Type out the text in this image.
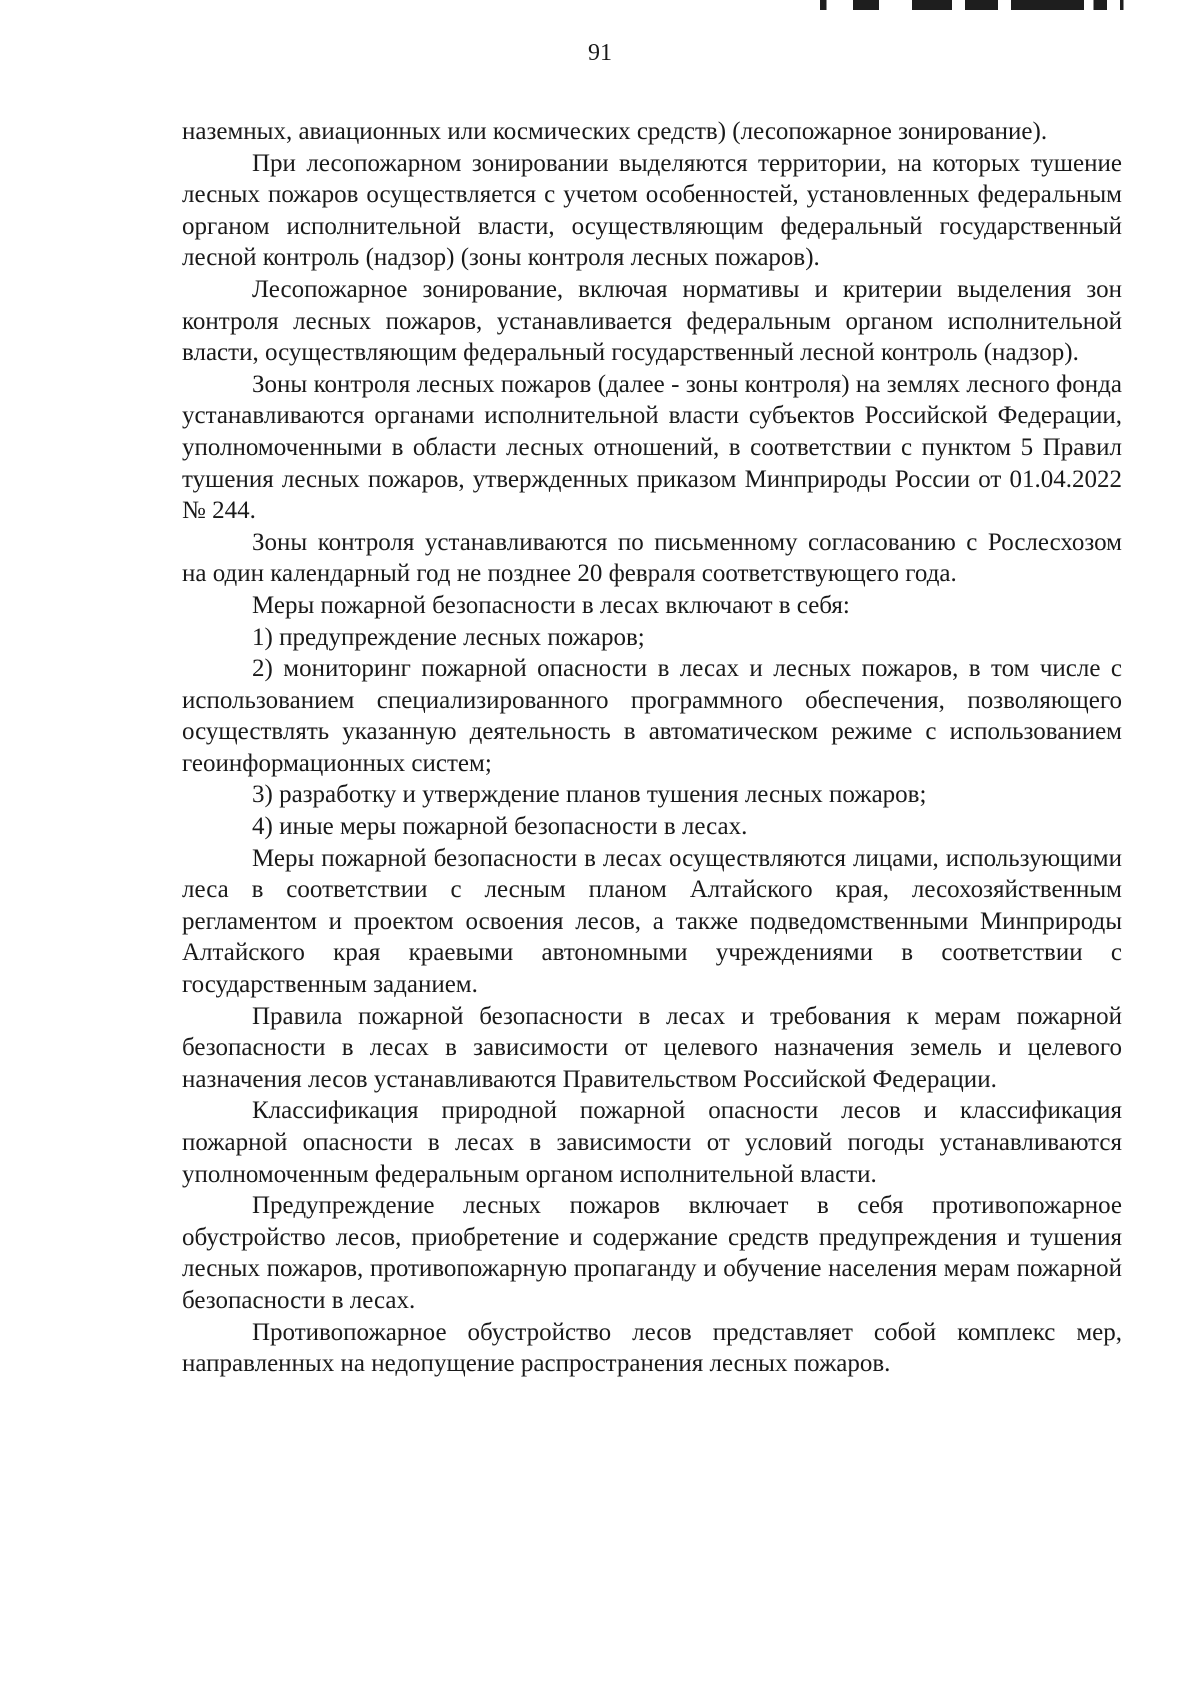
91

наземных, авиационных или космических средств) (лесопожарное зонирование).

При лесопожарном зонировании выделяются территории, на которых тушение лесных пожаров осуществляется с учетом особенностей, установленных федеральным органом исполнительной власти, осуществляющим федеральный государственный лесной контроль (надзор) (зоны контроля лесных пожаров).

Лесопожарное зонирование, включая нормативы и критерии выделения зон контроля лесных пожаров, устанавливается федеральным органом исполнительной власти, осуществляющим федеральный государственный лесной контроль (надзор).

Зоны контроля лесных пожаров (далее - зоны контроля) на землях лесного фонда устанавливаются органами исполнительной власти субъектов Российской Федерации, уполномоченными в области лесных отношений, в соответствии с пунктом 5 Правил тушения лесных пожаров, утвержденных приказом Минприроды России от 01.04.2022 № 244.

Зоны контроля устанавливаются по письменному согласованию с Рослесхозом на один календарный год не позднее 20 февраля соответствующего года.

Меры пожарной безопасности в лесах включают в себя:

1) предупреждение лесных пожаров;

2) мониторинг пожарной опасности в лесах и лесных пожаров, в том числе с использованием специализированного программного обеспечения, позволяющего осуществлять указанную деятельность в автоматическом режиме с использованием геоинформационных систем;

3) разработку и утверждение планов тушения лесных пожаров;

4) иные меры пожарной безопасности в лесах.

Меры пожарной безопасности в лесах осуществляются лицами, использующими леса в соответствии с лесным планом Алтайского края, лесохозяйственным регламентом и проектом освоения лесов, а также подведомственными Минприроды Алтайского края краевыми автономными учреждениями в соответствии с государственным заданием.

Правила пожарной безопасности в лесах и требования к мерам пожарной безопасности в лесах в зависимости от целевого назначения земель и целевого назначения лесов устанавливаются Правительством Российской Федерации.

Классификация природной пожарной опасности лесов и классификация пожарной опасности в лесах в зависимости от условий погоды устанавливаются уполномоченным федеральным органом исполнительной власти.

Предупреждение лесных пожаров включает в себя противопожарное обустройство лесов, приобретение и содержание средств предупреждения и тушения лесных пожаров, противопожарную пропаганду и обучение населения мерам пожарной безопасности в лесах.

Противопожарное обустройство лесов представляет собой комплекс мер, направленных на недопущение распространения лесных пожаров.
